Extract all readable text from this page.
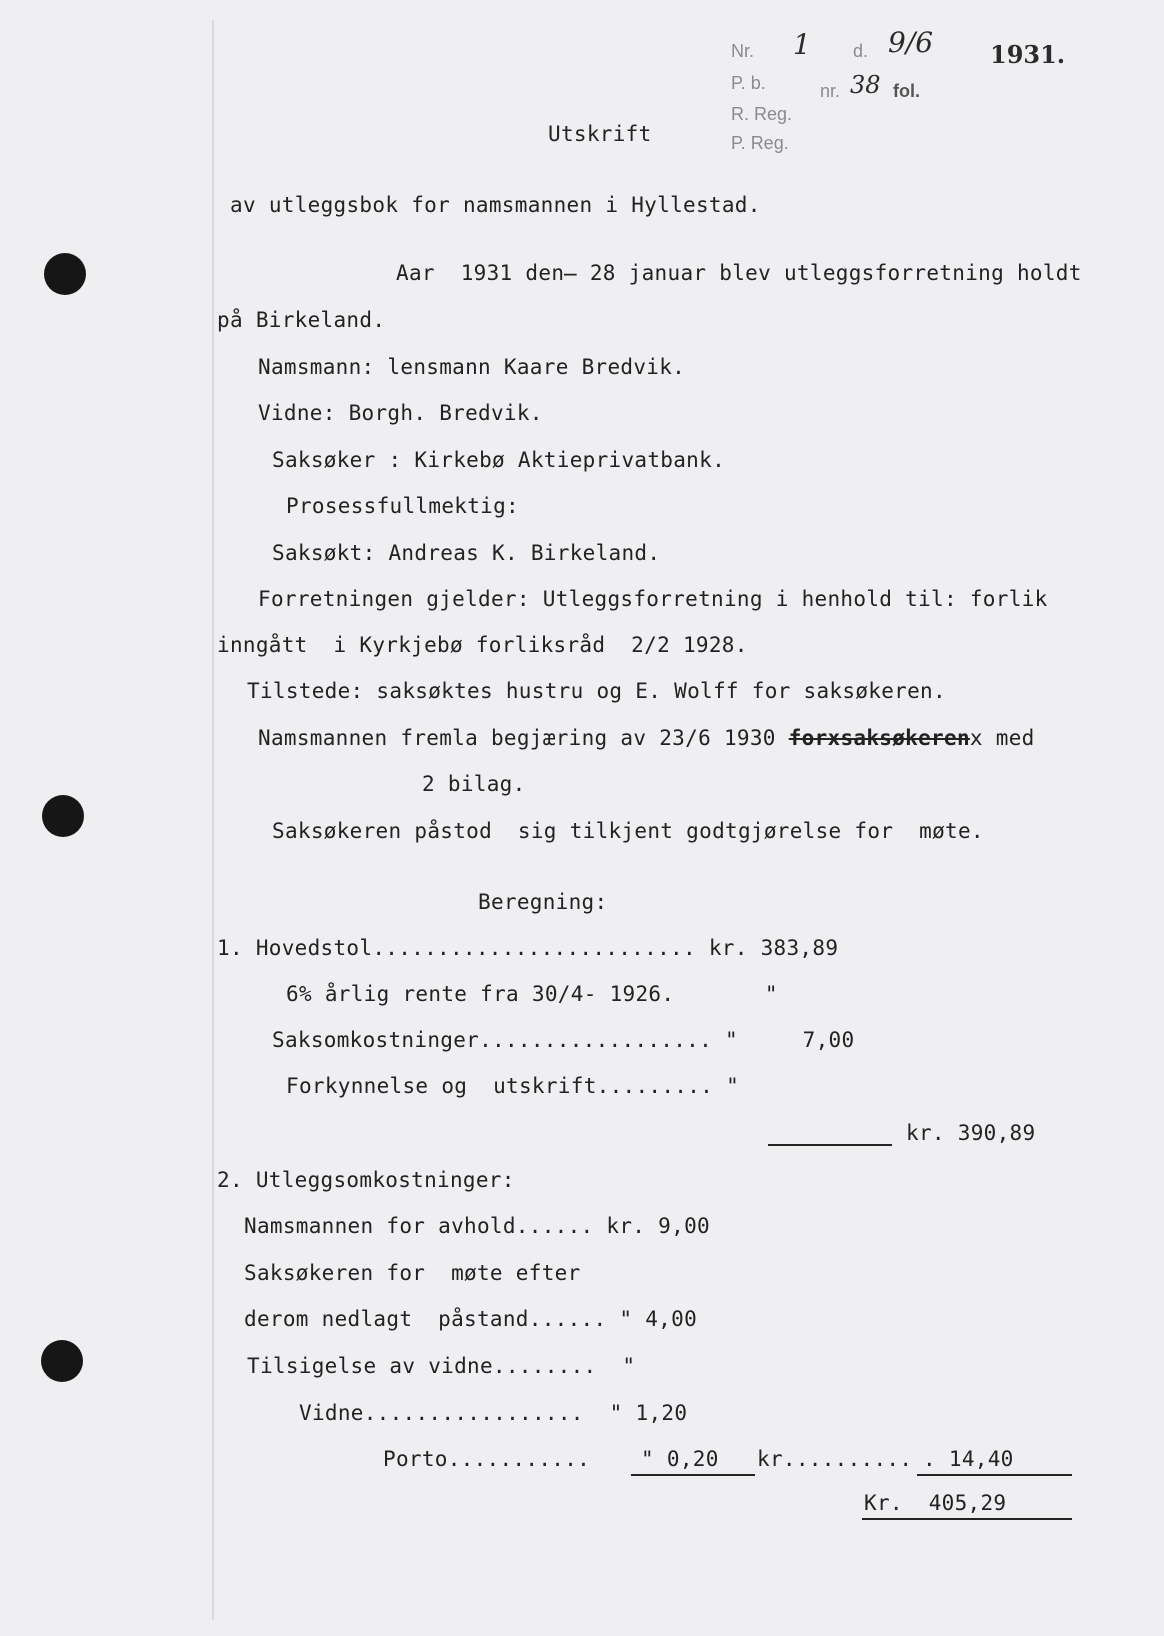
Nr. 1 d. 9/6 1931.
P. b.	nr. 38 fol.
R. Reg.
P. Reg.
Utskrift
av utleggsbok for namsmannen i Hyllestad.
Aar  1931 den̶ 28 januar blev utleggsforretning holdt
på Birkeland.
Namsmann: lensmann Kaare Bredvik.
Vidne: Borgh. Bredvik.
Saksøker : Kirkebø Aktieprivatbank.
Prosessfullmektig:
Saksøkt: Andreas K. Birkeland.
Forretningen gjelder: Utleggsforretning i henhold til: forlik
inngått  i Kyrkjebø forliksråd  2/2 1928.
Tilstede: saksøktes hustru og E. Wolff for saksøkeren.
Namsmannen fremla begjæring av 23/6 1930 forxsaksøkerenx med
2 bilag.
Saksøkeren påstod  sig tilkjent godtgjørelse for  møte.
Beregning:
1. Hovedstol......................... kr. 383,89
6% årlig rente fra 30/4- 1926.       "
Saksomkostninger.................. "     7,00
Forkynnelse og  utskrift......... "
kr. 390,89
2. Utleggsomkostninger:
Namsmannen for avhold...... kr. 9,00
Saksøkeren for  møte efter
derom nedlagt  påstand...... " 4,00
Tilsigelse av vidne........  "
Vidne.................  " 1,20
Porto........... " 0,20 kr.......... . 14,40
Kr.  405,29
